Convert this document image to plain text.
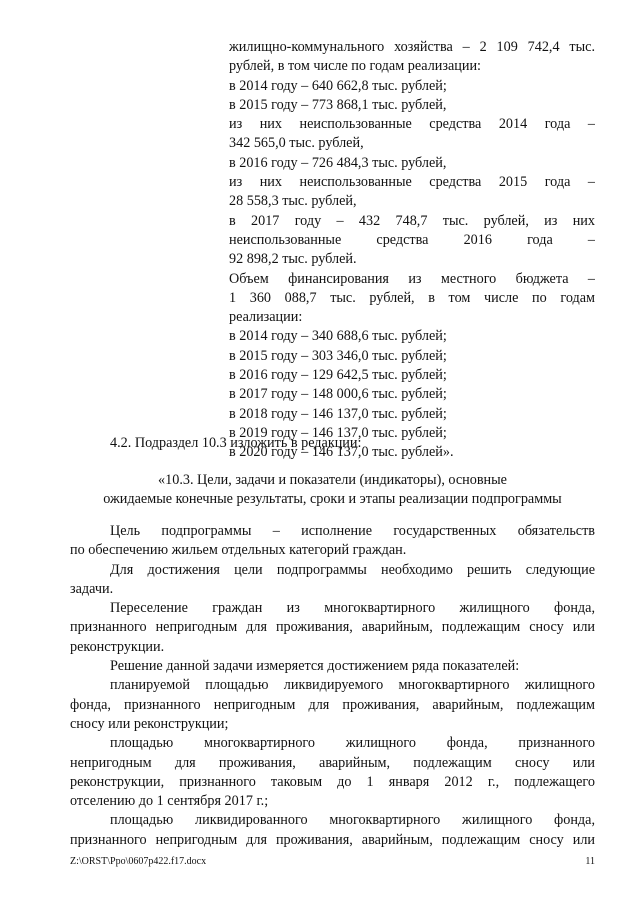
жилищно-коммунального хозяйства – 2 109 742,4 тыс.
рублей, в том числе по годам реализации:
в 2014 году – 640 662,8 тыс. рублей;
в 2015 году – 773 868,1 тыс. рублей,
из них неиспользованные средства 2014 года –
342 565,0 тыс. рублей,
в 2016 году – 726 484,3 тыс. рублей,
из них неиспользованные средства 2015 года –
28 558,3 тыс. рублей,
в 2017 году – 432 748,7 тыс. рублей, из них
неиспользованные средства 2016 года –
92 898,2 тыс. рублей.
Объем финансирования из местного бюджета –
1 360 088,7 тыс. рублей, в том числе по годам
реализации:
в 2014 году – 340 688,6 тыс. рублей;
в 2015 году – 303 346,0 тыс. рублей;
в 2016 году – 129 642,5 тыс. рублей;
в 2017 году – 148 000,6 тыс. рублей;
в 2018 году – 146 137,0 тыс. рублей;
в 2019 году – 146 137,0 тыс. рублей;
в 2020 году – 146 137,0 тыс. рублей».
4.2. Подраздел 10.3 изложить в редакции:
«10.3. Цели, задачи и показатели (индикаторы), основные
ожидаемые конечные результаты, сроки и этапы реализации подпрограммы
Цель подпрограммы – исполнение государственных обязательств
по обеспечению жильем отдельных категорий граждан.
Для достижения цели подпрограммы необходимо решить следующие
задачи.
Переселение граждан из многоквартирного жилищного фонда,
признанного непригодным для проживания, аварийным, подлежащим сносу или
реконструкции.
Решение данной задачи измеряется достижением ряда показателей:
планируемой площадью ликвидируемого многоквартирного жилищного
фонда, признанного непригодным для проживания, аварийным, подлежащим
сносу или реконструкции;
площадью многоквартирного жилищного фонда, признанного
непригодным для проживания, аварийным, подлежащим сносу или
реконструкции, признанного таковым до 1 января 2012 г., подлежащего
отселению до 1 сентября 2017 г.;
площадью ликвидированного многоквартирного жилищного фонда,
признанного непригодным для проживания, аварийным, подлежащим сносу или
Z:\ORST\Ppo\0607p422.f17.docx	11
